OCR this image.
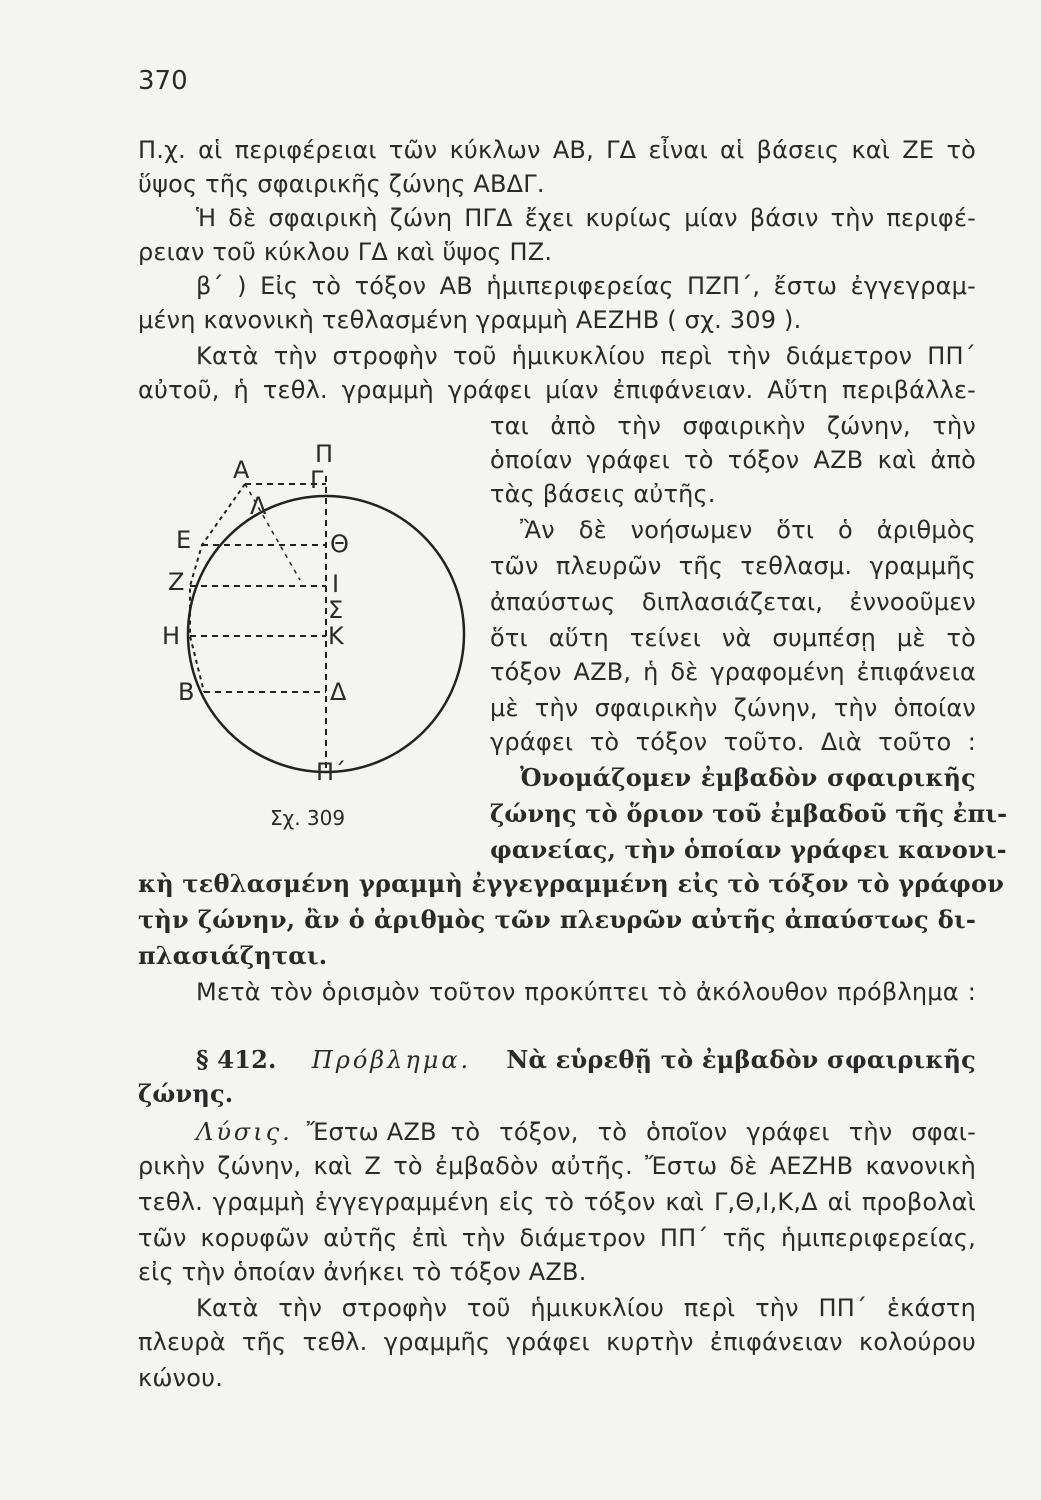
370
Π.χ. αἱ περιφέρειαι τῶν κύκλων ΑΒ, ΓΔ εἶναι αἱ βάσεις καὶ ΖΕ τὸ
ὕψος τῆς σφαιρικῆς ζώνης ΑΒΔΓ.
Ἡ δὲ σφαιρικὴ ζώνη ΠΓΔ ἔχει κυρίως μίαν βάσιν τὴν περιφέ-
ρειαν τοῦ κύκλου ΓΔ καὶ ὕψος ΠΖ.
β΄ ) Εἰς τὸ τόξον ΑΒ ἡμιπεριφερείας ΠΖΠ΄, ἔστω ἐγγεγραμ-
μένη κανονικὴ τεθλασμένη γραμμὴ ΑΕΖΗΒ ( σχ. 309 ).
Κατὰ τὴν στροφὴν τοῦ ἡμικυκλίου περὶ τὴν διάμετρον ΠΠ΄
αὐτοῦ, ἡ τεθλ. γραμμὴ γράφει μίαν ἐπιφάνειαν. Αὕτη περιβάλλε-
ται ἀπὸ τὴν σφαιρικὴν ζώνην, τὴν
ὁποίαν γράφει τὸ τόξον ΑΖΒ καὶ ἀπὸ
τὰς βάσεις αὐτῆς.
Ἂν δὲ νοήσωμεν ὅτι ὁ ἀριθμὸς
τῶν πλευρῶν τῆς τεθλασμ. γραμμῆς
ἀπαύστως διπλασιάζεται, ἐννοοῦμεν
ὅτι αὕτη τείνει νὰ συμπέσῃ μὲ τὸ
τόξον ΑΖΒ, ἡ δὲ γραφομένη ἐπιφάνεια
μὲ τὴν σφαιρικὴν ζώνην, τὴν ὁποίαν
γράφει τὸ τόξον τοῦτο. Διὰ τοῦτο :
Ὀνομάζομεν ἐμβαδὸν σφαιρικῆς
ζώνης τὸ ὅριον τοῦ ἐμβαδοῦ τῆς ἐπι-
φανείας, τὴν ὁποίαν γράφει κανονι-
κὴ τεθλασμένη γραμμὴ ἐγγεγραμμένη εἰς τὸ τόξον τὸ γράφον
τὴν ζώνην, ἂν ὁ ἀριθμὸς τῶν πλευρῶν αὐτῆς ἀπαύστως δι-
πλασιάζηται.
Μετὰ τὸν ὁρισμὸν τοῦτον προκύπτει τὸ ἀκόλουθον πρόβλημα :
§ 412. Πρόβλημα. Νὰ εὑρεθῇ τὸ ἐμβαδὸν σφαιρικῆς
ζώνης.
Λύσις. Ἔστω ΑΖΒ τὸ τόξον, τὸ ὁποῖον γράφει τὴν σφαι-
ρικὴν ζώνην, καὶ Ζ τὸ ἐμβαδὸν αὐτῆς. Ἔστω δὲ ΑΕΖΗΒ κανονικὴ
τεθλ. γραμμὴ ἐγγεγραμμένη εἰς τὸ τόξον καὶ Γ,Θ,Ι,Κ,Δ αἱ προβολαὶ
τῶν κορυφῶν αὐτῆς ἐπὶ τὴν διάμετρον ΠΠ΄ τῆς ἡμιπεριφερείας,
εἰς τὴν ὁποίαν ἀνήκει τὸ τόξον ΑΖΒ.
Κατὰ τὴν στροφὴν τοῦ ἡμικυκλίου περὶ τὴν ΠΠ΄ ἑκάστη
πλευρὰ τῆς τεθλ. γραμμῆς γράφει κυρτὴν ἐπιφάνειαν κολούρου
κώνου.
Π
Α	Γ
Λ
Ε	Θ
Ζ	Ι
Σ
Η	Κ
Β	Δ
Π΄
Σχ. 309
